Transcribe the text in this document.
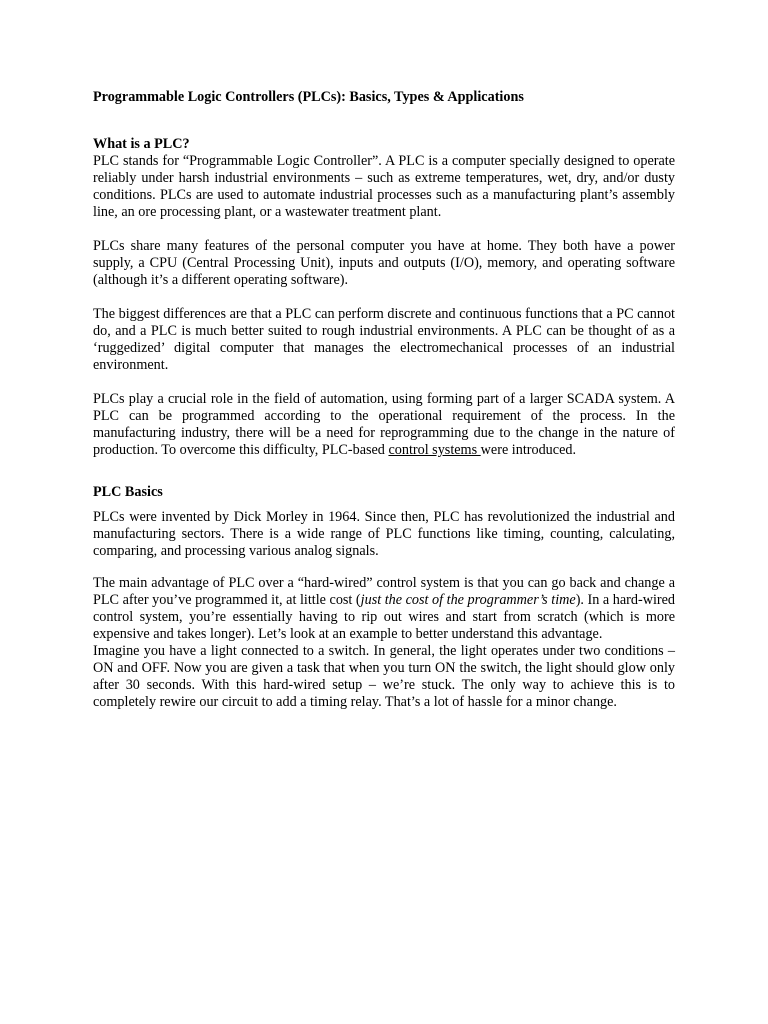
Programmable Logic Controllers (PLCs): Basics, Types & Applications
What is a PLC?

PLC stands for “Programmable Logic Controller”. A PLC is a computer specially designed to operate reliably under harsh industrial environments – such as extreme temperatures, wet, dry, and/or dusty conditions. PLCs are used to automate industrial processes such as a manufacturing plant’s assembly line, an ore processing plant, or a wastewater treatment plant.

PLCs share many features of the personal computer you have at home. They both have a power supply, a CPU (Central Processing Unit), inputs and outputs (I/O), memory, and operating software (although it’s a different operating software).

The biggest differences are that a PLC can perform discrete and continuous functions that a PC cannot do, and a PLC is much better suited to rough industrial environments. A PLC can be thought of as a ‘ruggedized’ digital computer that manages the electromechanical processes of an industrial environment.

PLCs play a crucial role in the field of automation, using forming part of a larger SCADA system. A PLC can be programmed according to the operational requirement of the process. In the manufacturing industry, there will be a need for reprogramming due to the change in the nature of production. To overcome this difficulty, PLC-based control systems were introduced.

PLC Basics

PLCs were invented by Dick Morley in 1964. Since then, PLC has revolutionized the industrial and manufacturing sectors. There is a wide range of PLC functions like timing, counting, calculating, comparing, and processing various analog signals.

The main advantage of PLC over a “hard-wired” control system is that you can go back and change a PLC after you’ve programmed it, at little cost (just the cost of the programmer’s time). In a hard-wired control system, you’re essentially having to rip out wires and start from scratch (which is more expensive and takes longer). Let’s look at an example to better understand this advantage.

Imagine you have a light connected to a switch. In general, the light operates under two conditions – ON and OFF. Now you are given a task that when you turn ON the switch, the light should glow only after 30 seconds. With this hard-wired setup – we’re stuck. The only way to achieve this is to completely rewire our circuit to add a timing relay. That’s a lot of hassle for a minor change.
